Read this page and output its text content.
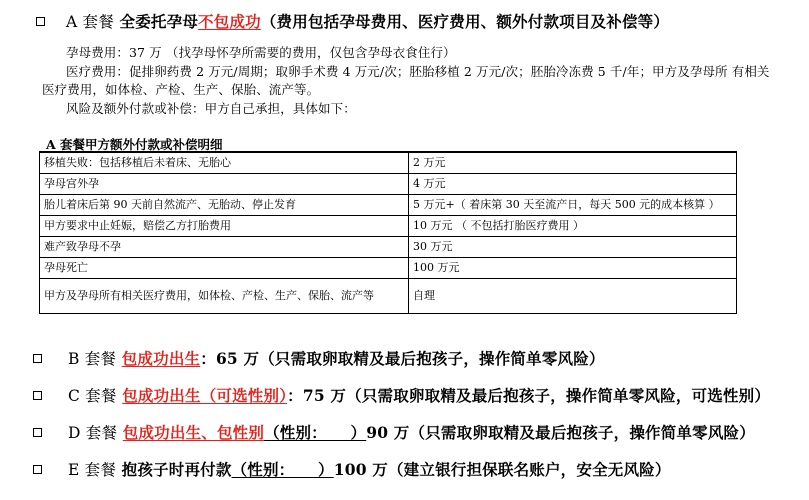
A 套餐 全委托孕母不包成功（费用包括孕母费用、医疗费用、额外付款项目及补偿等）
孕母费用：37 万 （找孕母怀孕所需要的费用，仅包含孕母衣食住行）
医疗费用：促排卵药费 2 万元/周期；取卵手术费 4 万元/次；胚胎移植 2 万元/次；胚胎冷冻费 5 千/年；甲方及孕母所 有相关
医疗费用，如体检、产检、生产、保胎、流产等。
风险及额外付款或补偿：甲方自己承担，具体如下：
A 套餐甲方额外付款或补偿明细
移植失败：包括移植后未着床、无胎心	2 万元
孕母宫外孕	4 万元
胎儿着床后第 90 天前自然流产、无胎动、停止发育	5 万元+（ 着床第 30 天至流产日，每天 500 元的成本核算 ）
甲方要求中止妊娠，赔偿乙方打胎费用	10 万元 （ 不包括打胎医疗费用 ）
难产致孕母不孕	30 万元
孕母死亡	100 万元
甲方及孕母所有相关医疗费用，如体检、产检、生产、保胎、流产等	自理
B 套餐 包成功出生：65 万（只需取卵取精及最后抱孩子，操作简单零风险）
C 套餐 包成功出生（可选性别）：75 万（只需取卵取精及最后抱孩子，操作简单零风险，可选性别）
D 套餐 包成功出生、包性别（性别：　　）90 万（只需取卵取精及最后抱孩子，操作简单零风险）
E 套餐 抱孩子时再付款（性别：　　）100 万（建立银行担保联名账户，安全无风险）
